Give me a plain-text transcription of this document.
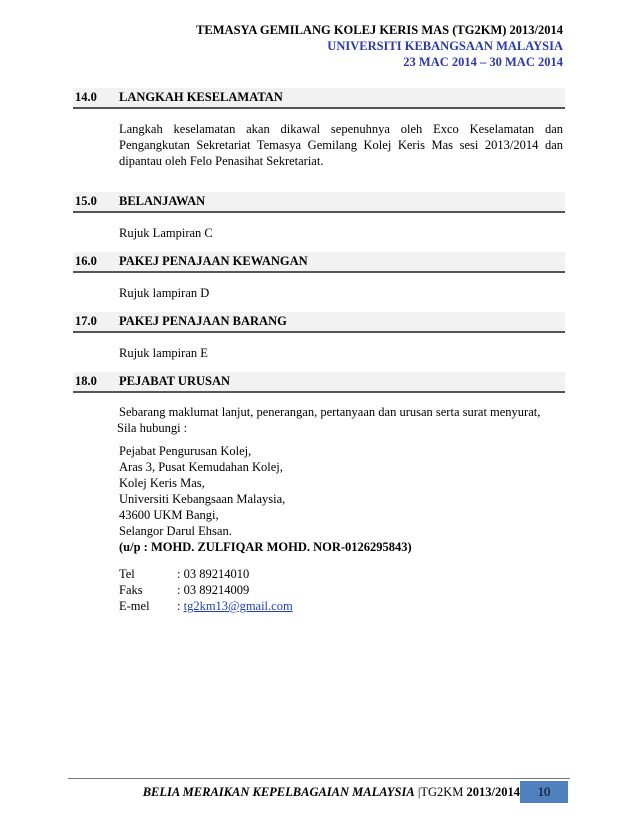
TEMASYA GEMILANG KOLEJ KERIS MAS (TG2KM) 2013/2014
UNIVERSITI KEBANGSAAN MALAYSIA
23 MAC 2014 – 30 MAC 2014
14.0 LANGKAH KESELAMATAN
Langkah keselamatan akan dikawal sepenuhnya oleh Exco Keselamatan dan Pengangkutan Sekretariat Temasya Gemilang Kolej Keris Mas sesi 2013/2014 dan dipantau oleh Felo Penasihat Sekretariat.
15.0 BELANJAWAN
Rujuk Lampiran C
16.0 PAKEJ PENAJAAN KEWANGAN
Rujuk lampiran D
17.0 PAKEJ PENAJAAN BARANG
Rujuk lampiran E
18.0 PEJABAT URUSAN
Sebarang maklumat lanjut, penerangan, pertanyaan dan urusan serta surat menyurat,
Sila hubungi :
Pejabat Pengurusan Kolej,
Aras 3, Pusat Kemudahan Kolej,
Kolej Keris Mas,
Universiti Kebangsaan Malaysia,
43600 UKM Bangi,
Selangor Darul Ehsan.
(u/p : MOHD. ZULFIQAR MOHD. NOR-0126295843)
Tel	: 03 89214010
Faks	: 03 89214009
E-mel : tg2km13@gmail.com
BELIA MERAIKAN KEPELBAGAIAN MALAYSIA |TG2KM 2013/2014	10
